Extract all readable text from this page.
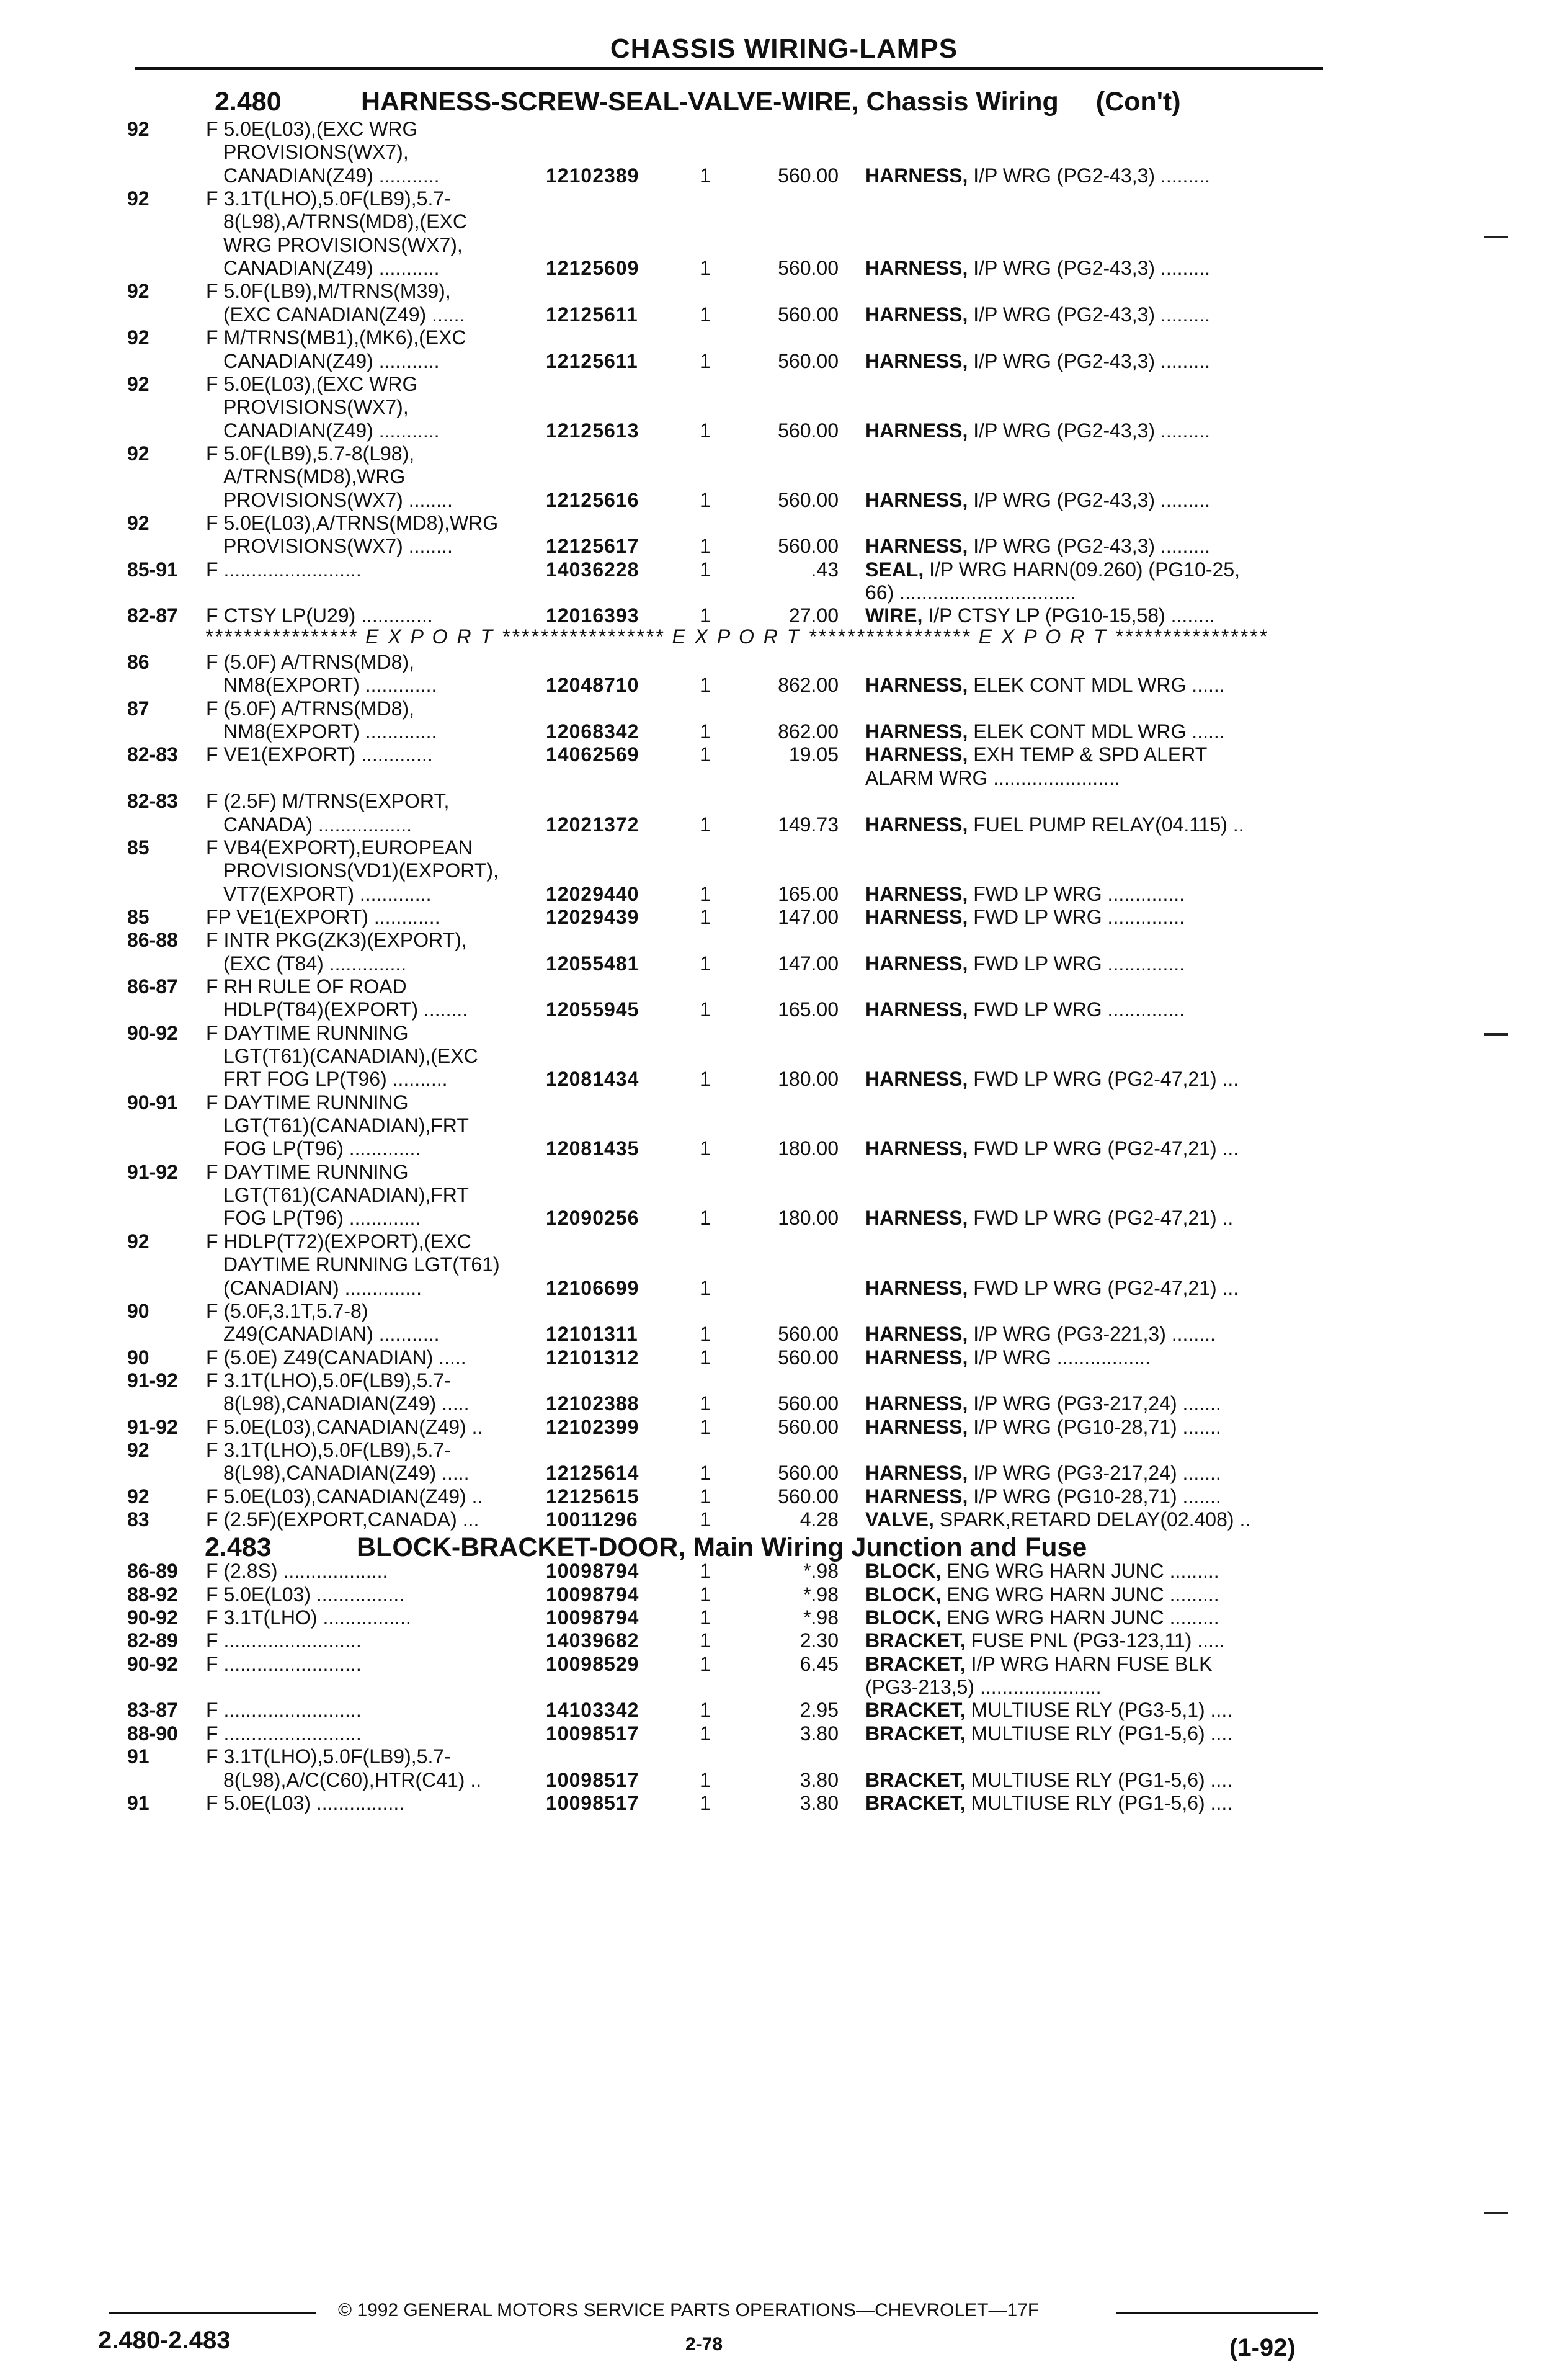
CHASSIS WIRING-LAMPS
2.480	HARNESS-SCREW-SEAL-VALVE-WIRE, Chassis Wiring (Con't)
92	F 5.0E(L03),(EXC WRG
PROVISIONS(WX7),
CANADIAN(Z49) ...........	12102389	1	560.00 HARNESS, I/P WRG (PG2-43,3) .........
92	F 3.1T(LHO),5.0F(LB9),5.7-
8(L98),A/TRNS(MD8),(EXC
WRG PROVISIONS(WX7),
CANADIAN(Z49) ...........	12125609	1	560.00 HARNESS, I/P WRG (PG2-43,3) .........
92	F 5.0F(LB9),M/TRNS(M39),
(EXC CANADIAN(Z49) ......	12125611	1	560.00 HARNESS, I/P WRG (PG2-43,3) .........
92	F M/TRNS(MB1),(MK6),(EXC
CANADIAN(Z49) ...........	12125611	1	560.00 HARNESS, I/P WRG (PG2-43,3) .........
92	F 5.0E(L03),(EXC WRG
PROVISIONS(WX7),
CANADIAN(Z49) ...........	12125613	1	560.00 HARNESS, I/P WRG (PG2-43,3) .........
92	F 5.0F(LB9),5.7-8(L98),
A/TRNS(MD8),WRG
PROVISIONS(WX7) ........	12125616	1	560.00 HARNESS, I/P WRG (PG2-43,3) .........
92	F 5.0E(L03),A/TRNS(MD8),WRG
PROVISIONS(WX7) ........	12125617	1	560.00 HARNESS, I/P WRG (PG2-43,3) .........
85-91 F .........................	14036228	1	.43 SEAL, I/P WRG HARN(09.260) (PG10-25,
66) ................................
82-87 F CTSY LP(U29) .............	12016393	1	27.00 WIRE, I/P CTSY LP (PG10-15,58) ........
86	F (5.0F) A/TRNS(MD8),
NM8(EXPORT) .............	12048710	1	862.00 HARNESS, ELEK CONT MDL WRG ......
87	F (5.0F) A/TRNS(MD8),
NM8(EXPORT) .............	12068342	1	862.00 HARNESS, ELEK CONT MDL WRG ......
82-83 F VE1(EXPORT) .............	14062569	1	19.05 HARNESS, EXH TEMP & SPD ALERT
ALARM WRG .......................
82-83 F (2.5F) M/TRNS(EXPORT,
CANADA) .................	12021372	1	149.73 HARNESS, FUEL PUMP RELAY(04.115) ..
85	F VB4(EXPORT),EUROPEAN
PROVISIONS(VD1)(EXPORT),
VT7(EXPORT) .............	12029440	1	165.00 HARNESS, FWD LP WRG ..............
85	FP VE1(EXPORT) ............	12029439	1	147.00 HARNESS, FWD LP WRG ..............
86-88 F INTR PKG(ZK3)(EXPORT),
(EXC (T84) ..............	12055481	1	147.00 HARNESS, FWD LP WRG ..............
86-87 F RH RULE OF ROAD
HDLP(T84)(EXPORT) ........	12055945	1	165.00 HARNESS, FWD LP WRG ..............
90-92 F DAYTIME RUNNING
LGT(T61)(CANADIAN),(EXC
FRT FOG LP(T96) ..........	12081434	1	180.00 HARNESS, FWD LP WRG (PG2-47,21) ...
90-91 F DAYTIME RUNNING
LGT(T61)(CANADIAN),FRT
FOG LP(T96) .............	12081435	1	180.00 HARNESS, FWD LP WRG (PG2-47,21) ...
91-92 F DAYTIME RUNNING
LGT(T61)(CANADIAN),FRT
FOG LP(T96) .............	12090256	1	180.00 HARNESS, FWD LP WRG (PG2-47,21) ..
92	F HDLP(T72)(EXPORT),(EXC
DAYTIME RUNNING LGT(T61)
(CANADIAN) ..............	12106699	1	HARNESS, FWD LP WRG (PG2-47,21) ...
90	F (5.0F,3.1T,5.7-8)
Z49(CANADIAN) ...........	12101311	1	560.00 HARNESS, I/P WRG (PG3-221,3) ........
90	F (5.0E) Z49(CANADIAN) .....	12101312	1	560.00 HARNESS, I/P WRG .................
91-92 F 3.1T(LHO),5.0F(LB9),5.7-
8(L98),CANADIAN(Z49) .....	12102388	1	560.00 HARNESS, I/P WRG (PG3-217,24) .......
91-92 F 5.0E(L03),CANADIAN(Z49) ..	12102399	1	560.00 HARNESS, I/P WRG (PG10-28,71) .......
92	F 3.1T(LHO),5.0F(LB9),5.7-
8(L98),CANADIAN(Z49) .....	12125614	1	560.00 HARNESS, I/P WRG (PG3-217,24) .......
92	F 5.0E(L03),CANADIAN(Z49) ..	12125615	1	560.00 HARNESS, I/P WRG (PG10-28,71) .......
83	F (2.5F)(EXPORT,CANADA) ...	10011296	1	4.28 VALVE, SPARK,RETARD DELAY(02.408) ..
86-89 F (2.8S) ...................	10098794	1	*.98 BLOCK, ENG WRG HARN JUNC .........
88-92 F 5.0E(L03) ................	10098794	1	*.98 BLOCK, ENG WRG HARN JUNC .........
90-92 F 3.1T(LHO) ................	10098794	1	*.98 BLOCK, ENG WRG HARN JUNC .........
82-89 F .........................	14039682	1	2.30 BRACKET, FUSE PNL (PG3-123,11) .....
90-92 F .........................	10098529	1	6.45 BRACKET, I/P WRG HARN FUSE BLK
(PG3-213,5) ......................
83-87 F .........................	14103342	1	2.95 BRACKET, MULTIUSE RLY (PG3-5,1) ....
88-90 F .........................	10098517	1	3.80 BRACKET, MULTIUSE RLY (PG1-5,6) ....
91	F 3.1T(LHO),5.0F(LB9),5.7-
8(L98),A/C(C60),HTR(C41) ..	10098517	1	3.80 BRACKET, MULTIUSE RLY (PG1-5,6) ....
91	F 5.0E(L03) ................	10098517	1	3.80 BRACKET, MULTIUSE RLY (PG1-5,6) ....
**************** E X P O R T ***************** E X P O R T ***************** E X P O R T ****************
2.483	BLOCK-BRACKET-DOOR, Main Wiring Junction and Fuse
© 1992 GENERAL MOTORS SERVICE PARTS OPERATIONS—CHEVROLET—17F
2.480-2.483	2-78	(1-92)
